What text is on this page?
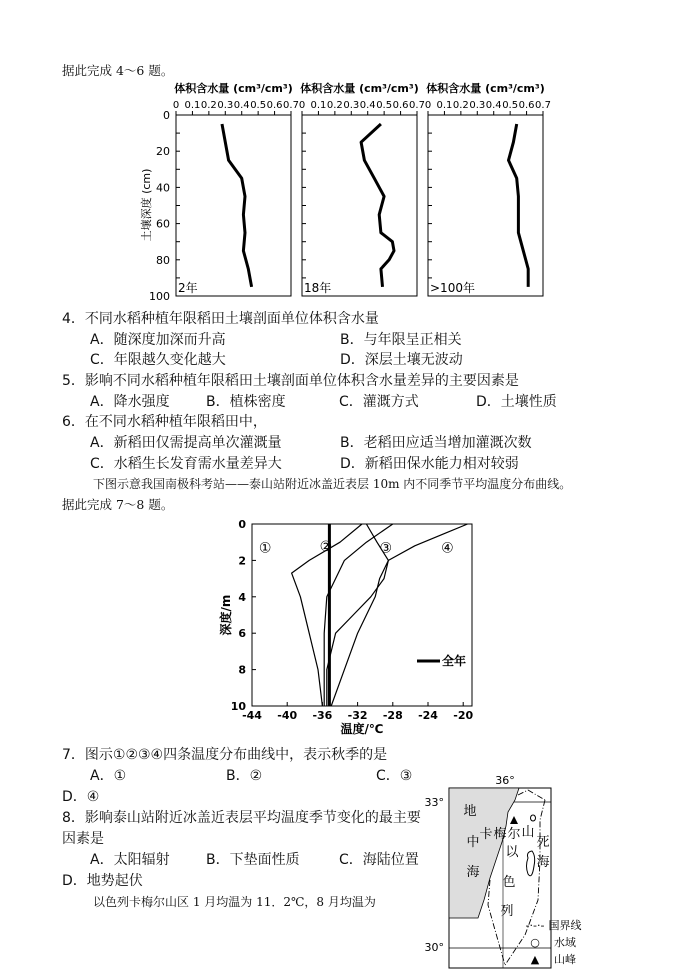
据此完成 4～6 题。
体积含水量 (cm³/cm³)
0 0.1 0.2 0.3 0.4 0.5 0.6 0.7
2年
体积含水量 (cm³/cm³)
0 0.1 0.2 0.3 0.4 0.5 0.6 0.7
18年
体积含水量 (cm³/cm³)
0 0.1 0.2 0.3 0.4 0.5 0.6 0.7
>100年
0
20
40
60
80
100
土壤深度 (cm)
4．不同水稻种植年限稻田土壤剖面单位体积含水量
A．随深度加深而升高	B．与年限呈正相关
C．年限越久变化越大	D．深层土壤无波动
5．影响不同水稻种植年限稻田土壤剖面单位体积含水量差异的主要因素是
A．降水强度	B．植株密度	C．灌溉方式	D．土壤性质
6．在不同水稻种植年限稻田中，
A．新稻田仅需提高单次灌溉量	B．老稻田应适当增加灌溉次数
C．水稻生长发育需水量差异大	D．新稻田保水能力相对较弱
下图示意我国南极科考站——泰山站附近冰盖近表层 10m 内不同季节平均温度分布曲线。
据此完成 7～8 题。
-44 -40 -36 -32 -28 -24 -20
0
2
4
6
8
10
温度/℃
深度/m
①	②	③	④
全年
7．图示①②③④四条温度分布曲线中，表示秋季的是
A．①	B．②	C．③
D．④
8．影响泰山站附近冰盖近表层平均温度季节变化的最主要
因素是
A．太阳辐射	B．下垫面性质	C．海陆位置
D．地势起伏
以色列卡梅尔山区 1 月均温为 11．2℃，8 月均温为
36°
33°
30°
地
中
海
卡 梅 尔 山
以
色
列
死
海
-·-·- 国界线
○ 水域
▲ 山峰
